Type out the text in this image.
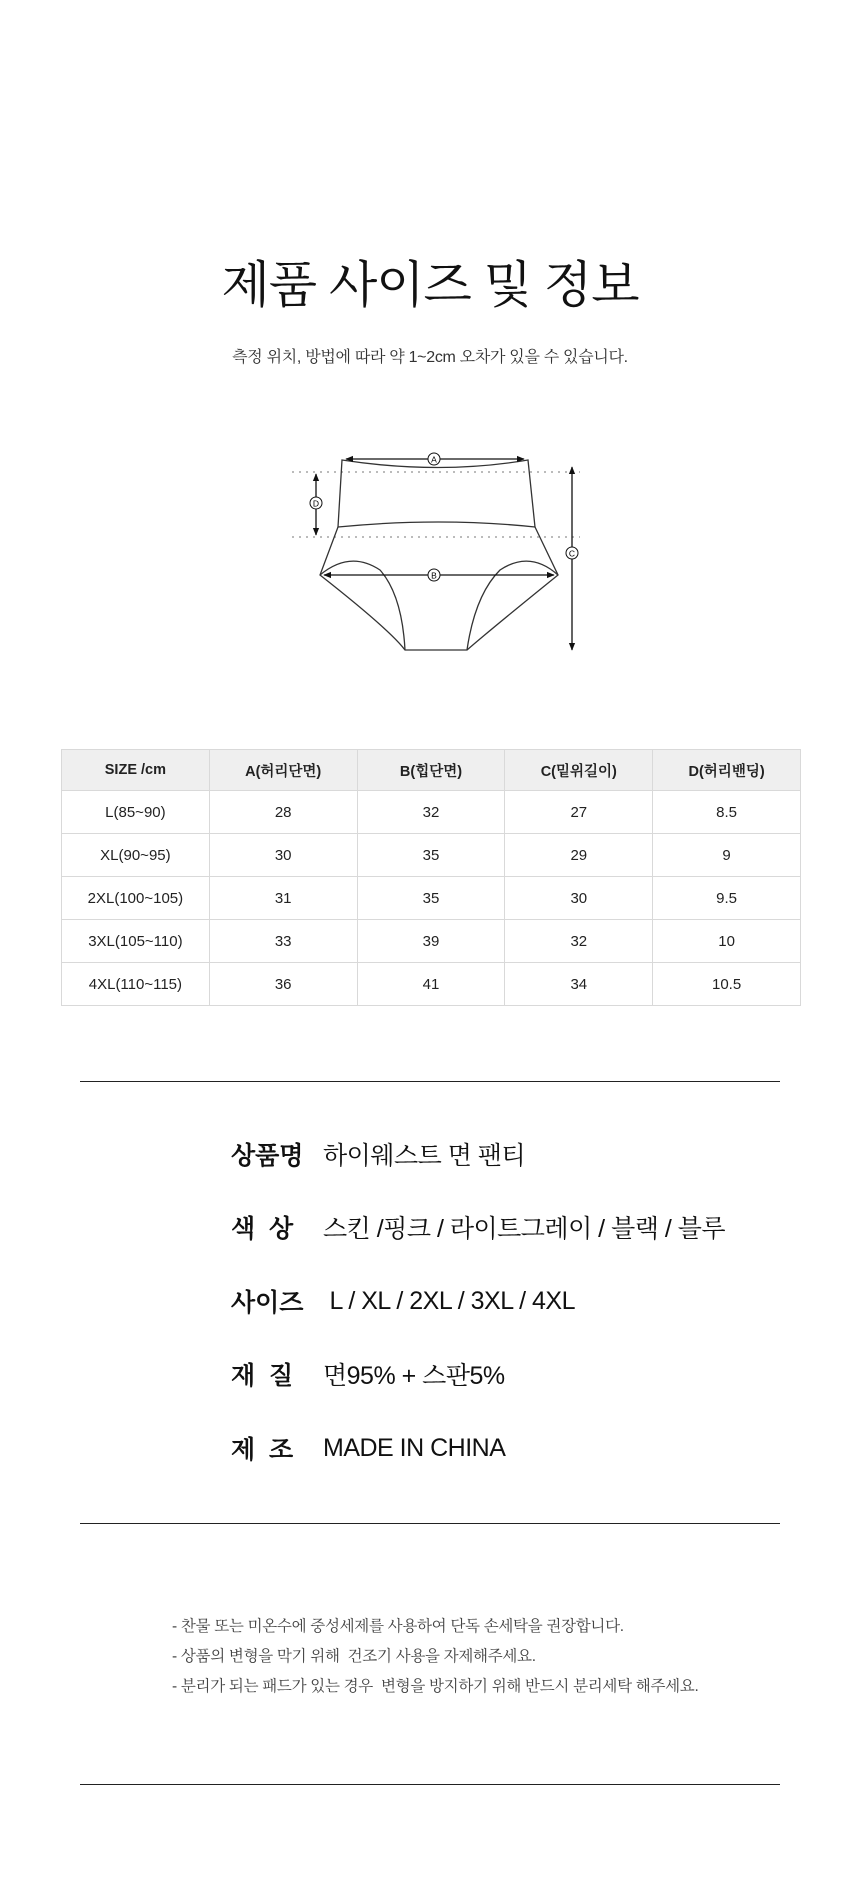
제품 사이즈 및 정보
측정 위치, 방법에 따라 약 1~2cm 오차가 있을 수 있습니다.
A
B
C
D
SIZE /cm	A(허리단면)	B(힙단면)	C(밑위길이)	D(허리밴딩)
L(85~90)	28	32	27	8.5
XL(90~95)	30	35	29	9
2XL(100~105)	31	35	30	9.5
3XL(105~110)	33	39	32	10
4XL(110~115)	36	41	34	10.5
상품명 하이웨스트 면 팬티
색  상	스킨 /핑크 / 라이트그레이 / 블랙 / 블루
사이즈 L / XL / 2XL / 3XL / 4XL
재  질	면95% + 스판5%
제  조	MADE IN CHINA
- 찬물 또는 미온수에 중성세제를 사용하여 단독 손세탁을 권장합니다.
- 상품의 변형을 막기 위해  건조기 사용을 자제해주세요.
- 분리가 되는 패드가 있는 경우  변형을 방지하기 위해 반드시 분리세탁 해주세요.
